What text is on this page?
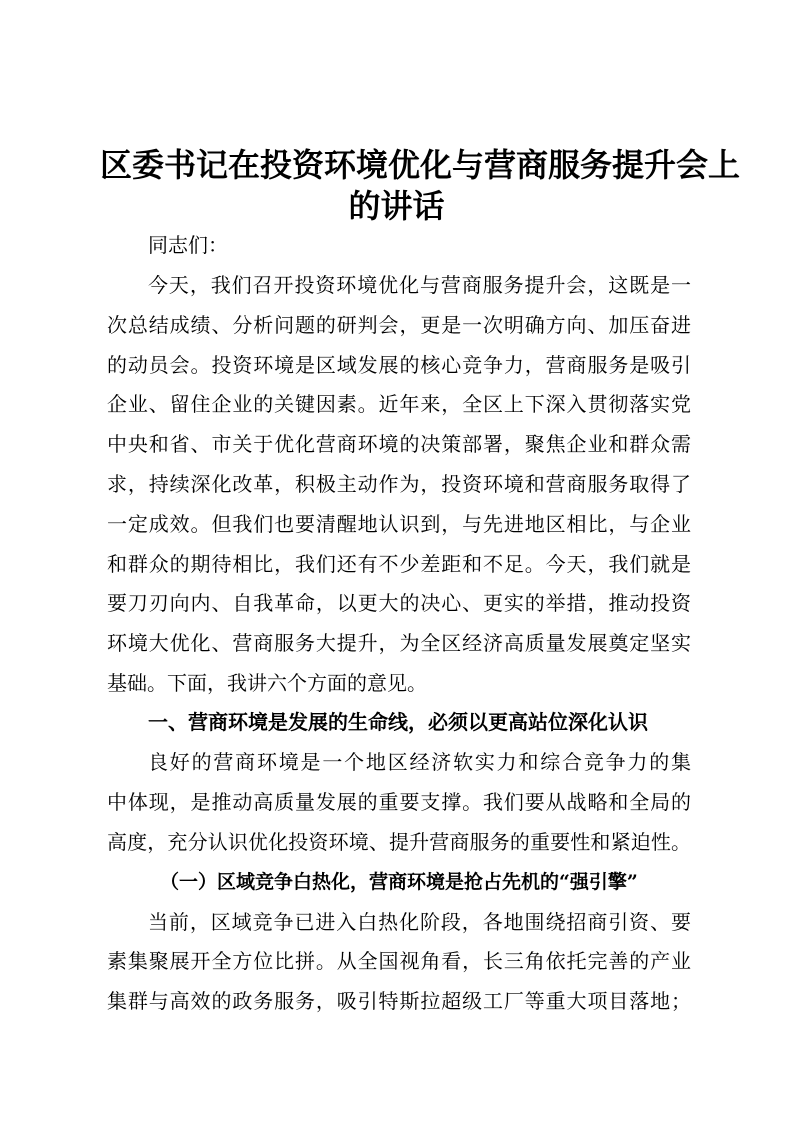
区委书记在投资环境优化与营商服务提升会上
的讲话
同志们：
今天，我们召开投资环境优化与营商服务提升会，这既是一
次总结成绩、分析问题的研判会，更是一次明确方向、加压奋进
的动员会。投资环境是区域发展的核心竞争力，营商服务是吸引
企业、留住企业的关键因素。近年来，全区上下深入贯彻落实党
中央和省、市关于优化营商环境的决策部署，聚焦企业和群众需
求，持续深化改革，积极主动作为，投资环境和营商服务取得了
一定成效。但我们也要清醒地认识到，与先进地区相比，与企业
和群众的期待相比，我们还有不少差距和不足。今天，我们就是
要刀刃向内、自我革命，以更大的决心、更实的举措，推动投资
环境大优化、营商服务大提升，为全区经济高质量发展奠定坚实
基础。下面，我讲六个方面的意见。
一、营商环境是发展的生命线，必须以更高站位深化认识
良好的营商环境是一个地区经济软实力和综合竞争力的集
中体现，是推动高质量发展的重要支撑。我们要从战略和全局的
高度，充分认识优化投资环境、提升营商服务的重要性和紧迫性。
（一）区域竞争白热化，营商环境是抢占先机的“强引擎”
当前，区域竞争已进入白热化阶段，各地围绕招商引资、要
素集聚展开全方位比拼。从全国视角看，长三角依托完善的产业
集群与高效的政务服务，吸引特斯拉超级工厂等重大项目落地；
